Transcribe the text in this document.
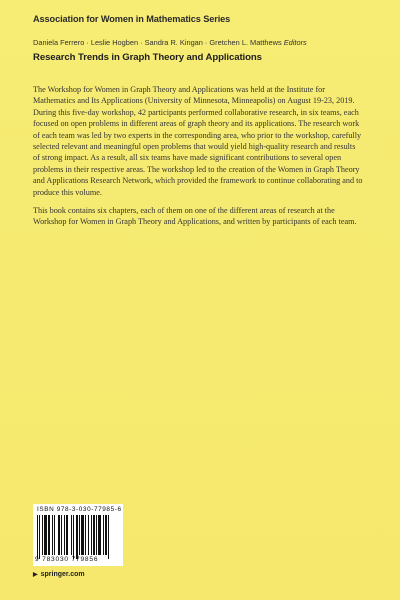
Association for Women in Mathematics Series
Daniela Ferrero · Leslie Hogben · Sandra R. Kingan · Gretchen L. Matthews Editors
Research Trends in Graph Theory and Applications

The Workshop for Women in Graph Theory and Applications was held at the Institute for Mathematics and Its Applications (University of Minnesota, Minneapolis) on August 19-23, 2019. During this five-day workshop, 42 participants performed collaborative research, in six teams, each focused on open problems in different areas of graph theory and its applications. The research work of each team was led by two experts in the corresponding area, who prior to the workshop, carefully selected relevant and meaningful open problems that would yield high-quality research and results of strong impact. As a result, all six teams have made significant contributions to several open problems in their respective areas. The workshop led to the creation of the Women in Graph Theory and Applications Research Network, which provided the framework to continue collaborating and to produce this volume.

This book contains six chapters, each of them on one of the different areas of research at the Workshop for Women in Graph Theory and Applications, and written by participants of each team.

ISBN 978-3-030-77985-6
9 783030 779856
▶ springer.com
